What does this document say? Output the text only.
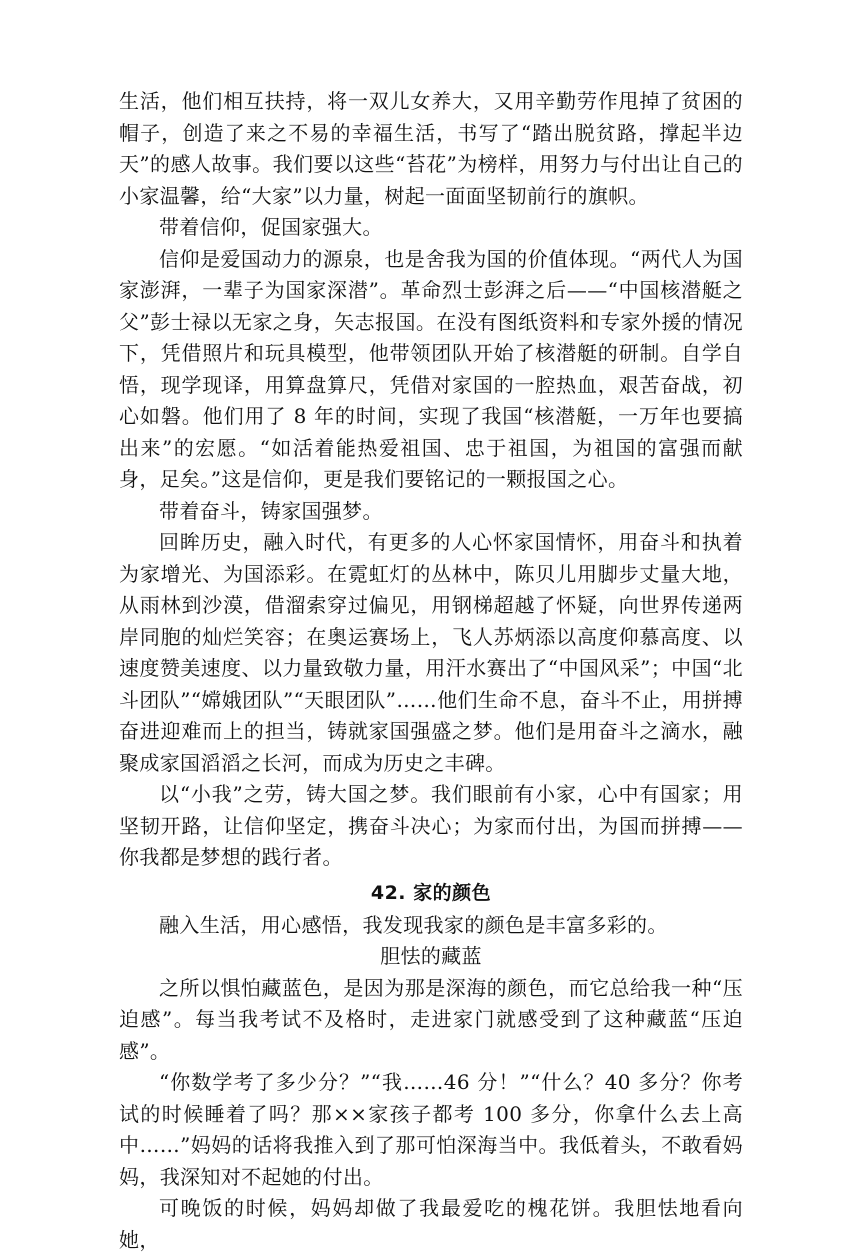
生活，他们相互扶持，将一双儿女养大，又用辛勤劳作甩掉了贫困的帽子，创造了来之不易的幸福生活，书写了“踏出脱贫路，撑起半边天”的感人故事。我们要以这些“苔花”为榜样，用努力与付出让自己的小家温馨，给“大家”以力量，树起一面面坚韧前行的旗帜。

带着信仰，促国家强大。

信仰是爱国动力的源泉，也是舍我为国的价值体现。“两代人为国家澎湃，一辈子为国家深潜”。革命烈士彭湃之后——“中国核潜艇之父”彭士禄以无家之身，矢志报国。在没有图纸资料和专家外援的情况下，凭借照片和玩具模型，他带领团队开始了核潜艇的研制。自学自悟，现学现译，用算盘算尺，凭借对家国的一腔热血，艰苦奋战，初心如磐。他们用了 8 年的时间，实现了我国“核潜艇，一万年也要搞出来”的宏愿。“如活着能热爱祖国、忠于祖国，为祖国的富强而献身，足矣。”这是信仰，更是我们要铭记的一颗报国之心。

带着奋斗，铸家国强梦。

回眸历史，融入时代，有更多的人心怀家国情怀，用奋斗和执着为家增光、为国添彩。在霓虹灯的丛林中，陈贝儿用脚步丈量大地，从雨林到沙漠，借溜索穿过偏见，用钢梯超越了怀疑，向世界传递两岸同胞的灿烂笑容；在奥运赛场上，飞人苏炳添以高度仰慕高度、以速度赞美速度、以力量致敬力量，用汗水赛出了“中国风采”；中国“北斗团队”“嫦娥团队”“天眼团队”……他们生命不息，奋斗不止，用拼搏奋进迎难而上的担当，铸就家国强盛之梦。他们是用奋斗之滴水，融聚成家国滔滔之长河，而成为历史之丰碑。

以“小我”之劳，铸大国之梦。我们眼前有小家，心中有国家；用坚韧开路，让信仰坚定，携奋斗决心；为家而付出，为国而拼搏——你我都是梦想的践行者。

42. 家的颜色

融入生活，用心感悟，我发现我家的颜色是丰富多彩的。

胆怯的藏蓝

之所以惧怕藏蓝色，是因为那是深海的颜色，而它总给我一种“压迫感”。每当我考试不及格时，走进家门就感受到了这种藏蓝“压迫感”。

“你数学考了多少分？”“我……46 分！”“什么？40 多分？你考试的时候睡着了吗？那××家孩子都考 100 多分，你拿什么去上高中……”妈妈的话将我推入到了那可怕深海当中。我低着头，不敢看妈妈，我深知对不起她的付出。

可晚饭的时候，妈妈却做了我最爱吃的槐花饼。我胆怯地看向她，
